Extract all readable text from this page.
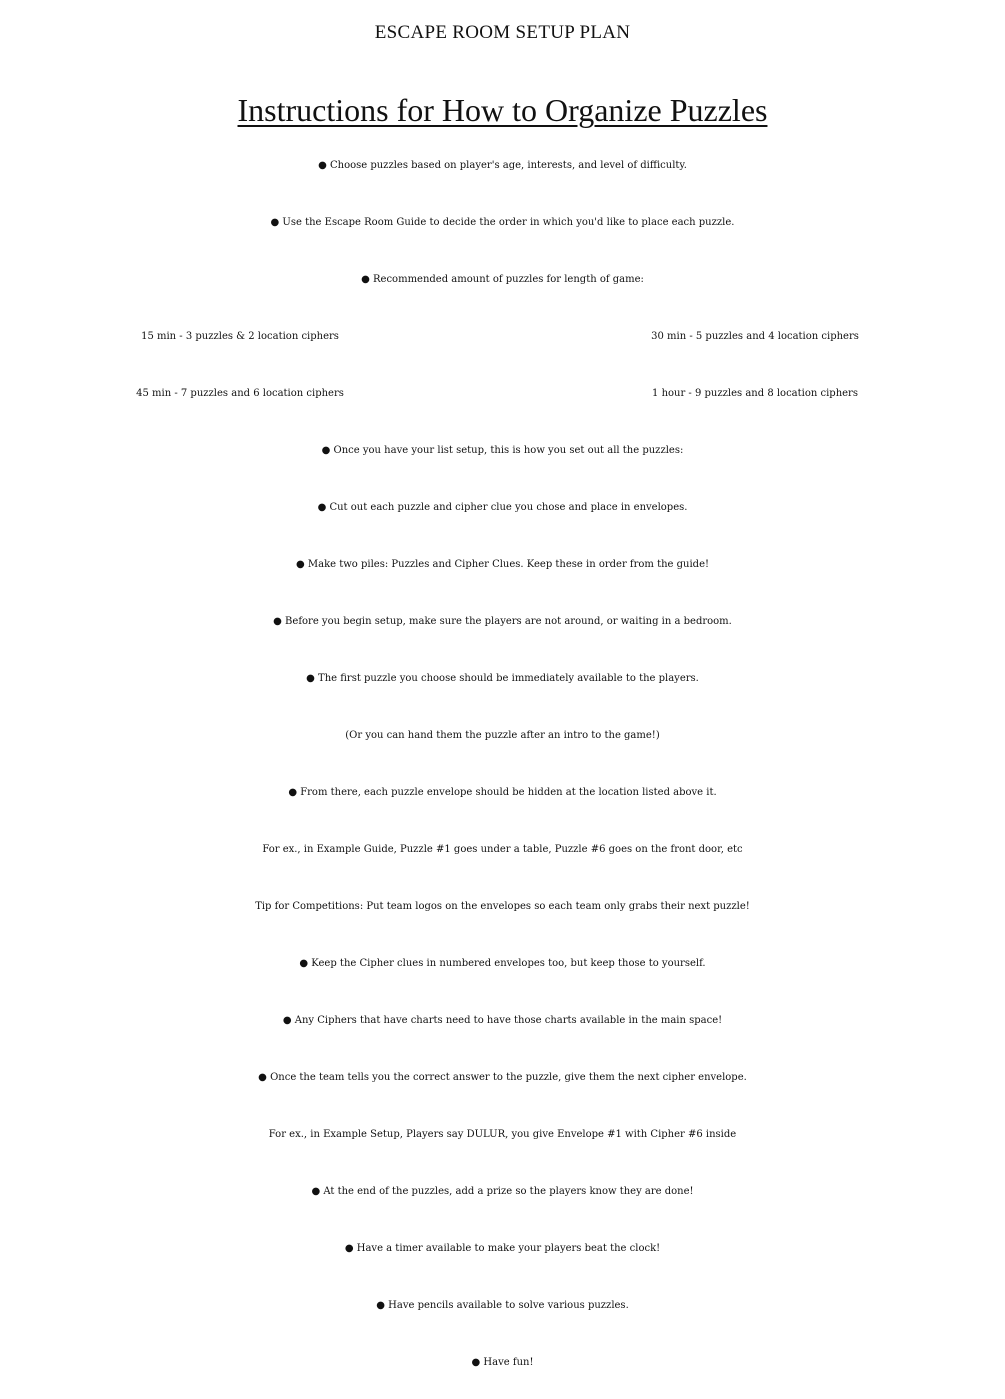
ESCAPE ROOM SETUP PLAN
Instructions for How to Organize Puzzles
● Choose puzzles based on player's age, interests, and level of difficulty.
● Use the Escape Room Guide to decide the order in which you'd like to place each puzzle.
● Recommended amount of puzzles for length of game:
15 min - 3 puzzles & 2 location ciphers	30 min - 5 puzzles and 4 location ciphers
45 min - 7 puzzles and 6 location ciphers	1 hour - 9 puzzles and 8 location ciphers
● Once you have your list setup, this is how you set out all the puzzles:
● Cut out each puzzle and cipher clue you chose and place in envelopes.
● Make two piles: Puzzles and Cipher Clues. Keep these in order from the guide!
● Before you begin setup, make sure the players are not around, or waiting in a bedroom.
● The first puzzle you choose should be immediately available to the players.
(Or you can hand them the puzzle after an intro to the game!)
● From there, each puzzle envelope should be hidden at the location listed above it.
For ex., in Example Guide, Puzzle #1 goes under a table, Puzzle #6 goes on the front door, etc
Tip for Competitions: Put team logos on the envelopes so each team only grabs their next puzzle!
● Keep the Cipher clues in numbered envelopes too, but keep those to yourself.
● Any Ciphers that have charts need to have those charts available in the main space!
● Once the team tells you the correct answer to the puzzle, give them the next cipher envelope.
For ex., in Example Setup, Players say DULUR, you give Envelope #1 with Cipher #6 inside
● At the end of the puzzles, add a prize so the players know they are done!
● Have a timer available to make your players beat the clock!
● Have pencils available to solve various puzzles.
● Have fun!
